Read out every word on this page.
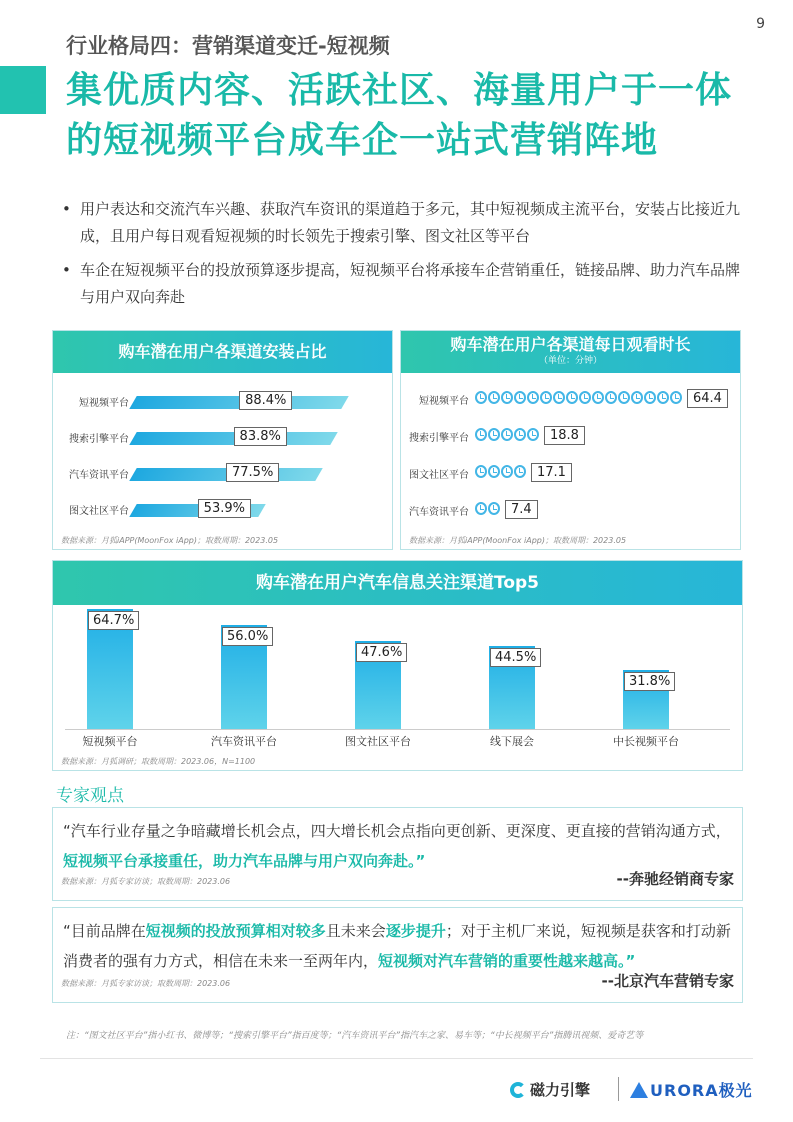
9
行业格局四：营销渠道变迁-短视频
集优质内容、活跃社区、海量用户于一体
的短视频平台成车企一站式营销阵地
• 用户表达和交流汽车兴趣、获取汽车资讯的渠道趋于多元，其中短视频成主流平台，安装占比接近九成，且用户每日观看短视频的时长领先于搜索引擎、图文社区等平台
• 车企在短视频平台的投放预算逐步提高，短视频平台将承接车企营销重任，链接品牌、助力汽车品牌与用户双向奔赴
购车潜在用户各渠道安装占比
短视频平台	88.4%
搜索引擎平台	83.8%
汽车资讯平台	77.5%
图文社区平台	53.9%
数据来源：月狐iAPP(MoonFox iApp)；取数周期：2023.05
购车潜在用户各渠道每日观看时长
（单位：分钟）
短视频平台	64.4
搜索引擎平台	18.8
图文社区平台	17.1
汽车资讯平台	7.4
数据来源：月狐iAPP(MoonFox iApp)；取数周期：2023.05
购车潜在用户汽车信息关注渠道Top5
64.7%
短视频平台
56.0%
汽车资讯平台
47.6%
图文社区平台
44.5%
线下展会
31.8%
中长视频平台
数据来源：月狐调研；取数周期：2023.06，N=1100
专家观点
“汽车行业存量之争暗藏增长机会点，四大增长机会点指向更创新、更深度、更直接的营销沟通方式，短视频平台承接重任，助力汽车品牌与用户双向奔赴。”
数据来源：月狐专家访谈；取数周期：2023.06	--奔驰经销商专家
“目前品牌在短视频的投放预算相对较多且未来会逐步提升；对于主机厂来说，短视频是获客和打动新消费者的强有力方式，相信在未来一至两年内，短视频对汽车营销的重要性越来越高。”
数据来源：月狐专家访谈；取数周期：2023.06	--北京汽车营销专家
注：“图文社区平台”指小红书、微博等；“搜索引擎平台”指百度等；“汽车资讯平台”指汽车之家、易车等；“中长视频平台”指腾讯视频、爱奇艺等
磁力引擎	URORA极光
